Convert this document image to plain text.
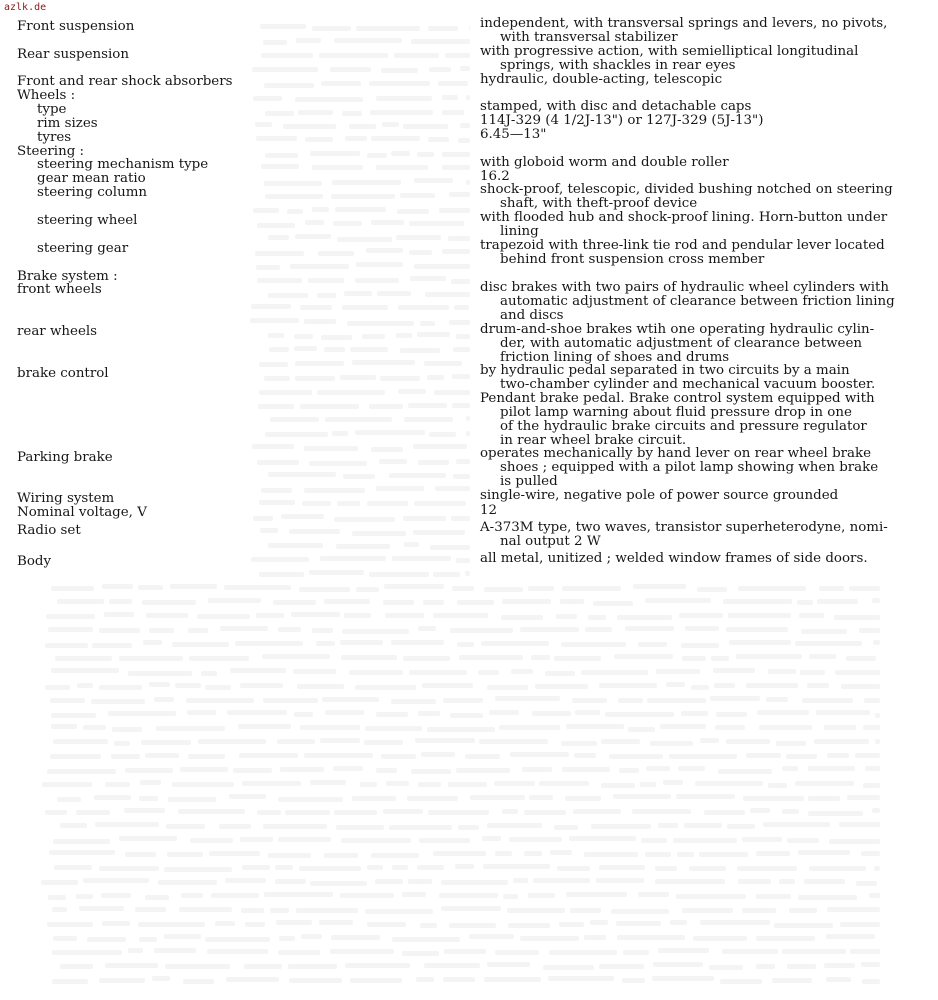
azlk.de
Front suspension
Rear suspension
Front and rear shock absorbers
Wheels :
type
rim sizes
tyres
Steering :
steering mechanism type
gear mean ratio
steering column
steering wheel
steering gear
Brake system :
front wheels
rear wheels
brake control
Parking brake
Wiring system
Nominal voltage, V
Radio set
Body
independent, with transversal springs and levers, no pivots,
with transversal stabilizer
with progressive action, with semielliptical longitudinal
springs, with shackles in rear eyes
hydraulic, double-acting, telescopic
stamped, with disc and detachable caps
114J-329 (4 1/2J-13") or 127J-329 (5J-13")
6.45—13"
with globoid worm and double roller
16.2
shock-proof, telescopic, divided bushing notched on steering
shaft, with theft-proof device
with flooded hub and shock-proof lining. Horn-button under
lining
trapezoid with three-link tie rod and pendular lever located
behind front suspension cross member
disc brakes with two pairs of hydraulic wheel cylinders with
automatic adjustment of clearance between friction lining
and discs
drum-and-shoe brakes wtih one operating hydraulic cylin-
der, with automatic adjustment of clearance between
friction lining of shoes and drums
by hydraulic pedal separated in two circuits by a main
two-chamber cylinder and mechanical vacuum booster.
Pendant brake pedal. Brake control system equipped with
pilot lamp warning about fluid pressure drop in one
of the hydraulic brake circuits and pressure regulator
in rear wheel brake circuit.
operates mechanically by hand lever on rear wheel brake
shoes ; equipped with a pilot lamp showing when brake
is pulled
single-wire, negative pole of power source grounded
12
A-373M type, two waves, transistor superheterodyne, nomi-
nal output 2 W
all metal, unitized ; welded window frames of side doors.
